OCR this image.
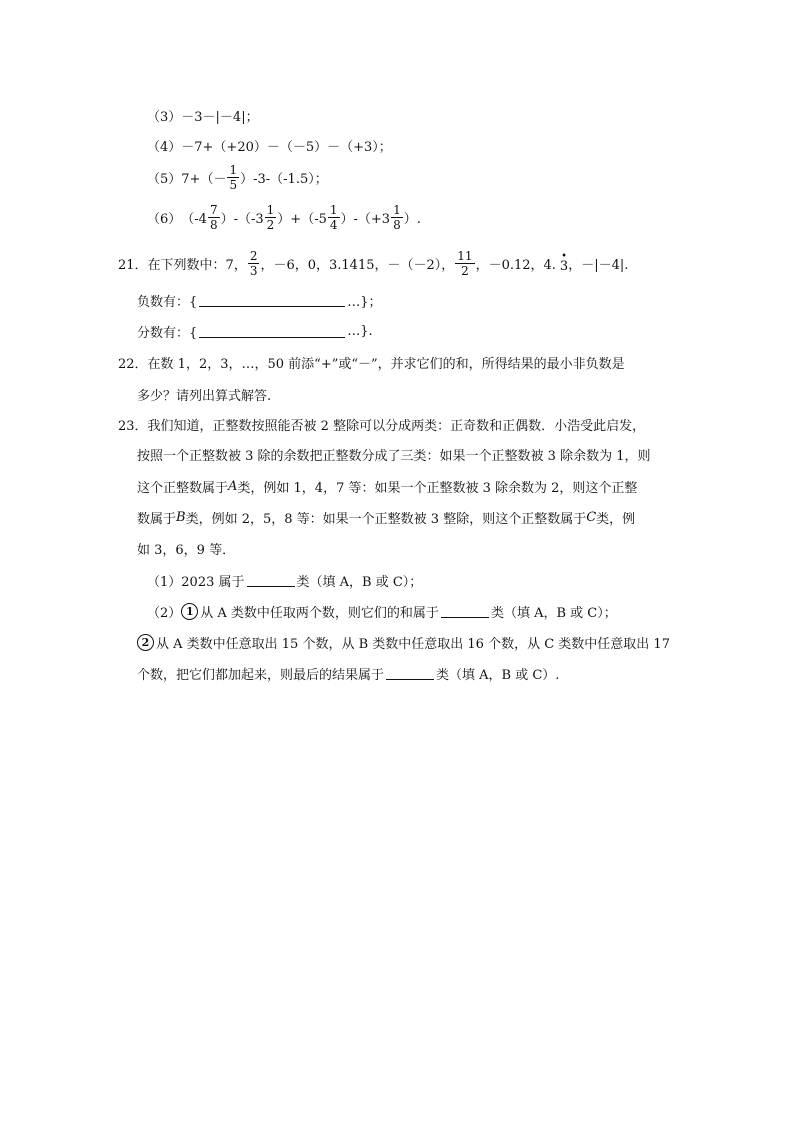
（3）－3－|－4|；
（4）－7+（+20）－（－5）－（+3）；
（5） $7+( - \frac{1}{5} )-3-(-1.5)$；
（6） $(-4 \frac{7}{8} )-(-3 \frac{1}{2} )+(-5 \frac{1}{4} )-(+3 \frac{1}{8}$ ）.
21． 在下列数中：7， $\frac{2}{3}$ ，－6，0，3.1415，－（－2）， $\frac{11}{2}$ ，－0.12， 4.
•
3 ，－|－4|.
负数有：{	…}；
分数有：{	…}.
22． 在数 1，2，3，…，50 前添“+”或“－”，并求它们的和，所得结果的最小非负数是
多少？请列出算式解答.
23． 我们知道，正整数按照能否被 2 整除可以分成两类：正奇数和正偶数．小浩受此启发，
按照一个正整数被 3 除的余数把正整数分成了三类：如果一个正整数被 3 除余数为 1，则
这个正整数属于 A 类，例如 1，4，7 等：如果一个正整数被 3 除余数为 2，则这个正整
数属于 B 类，例如 2，5，8 等：如果一个正整数被 3 整除，则这个正整数属于 C 类，例
如 3，6，9 等．
（1）2023 属于	类（填 A，B 或 C）；
（2） 1 从 A 类数中任取两个数，则它们的和属于	类（填 A，B 或 C）；
2 从 A 类数中任意取出 15 个数，从 B 类数中任意取出 16 个数，从 C 类数中任意取出 17
个数，把它们都加起来，则最后的结果属于	类（填 A，B 或 C）.
